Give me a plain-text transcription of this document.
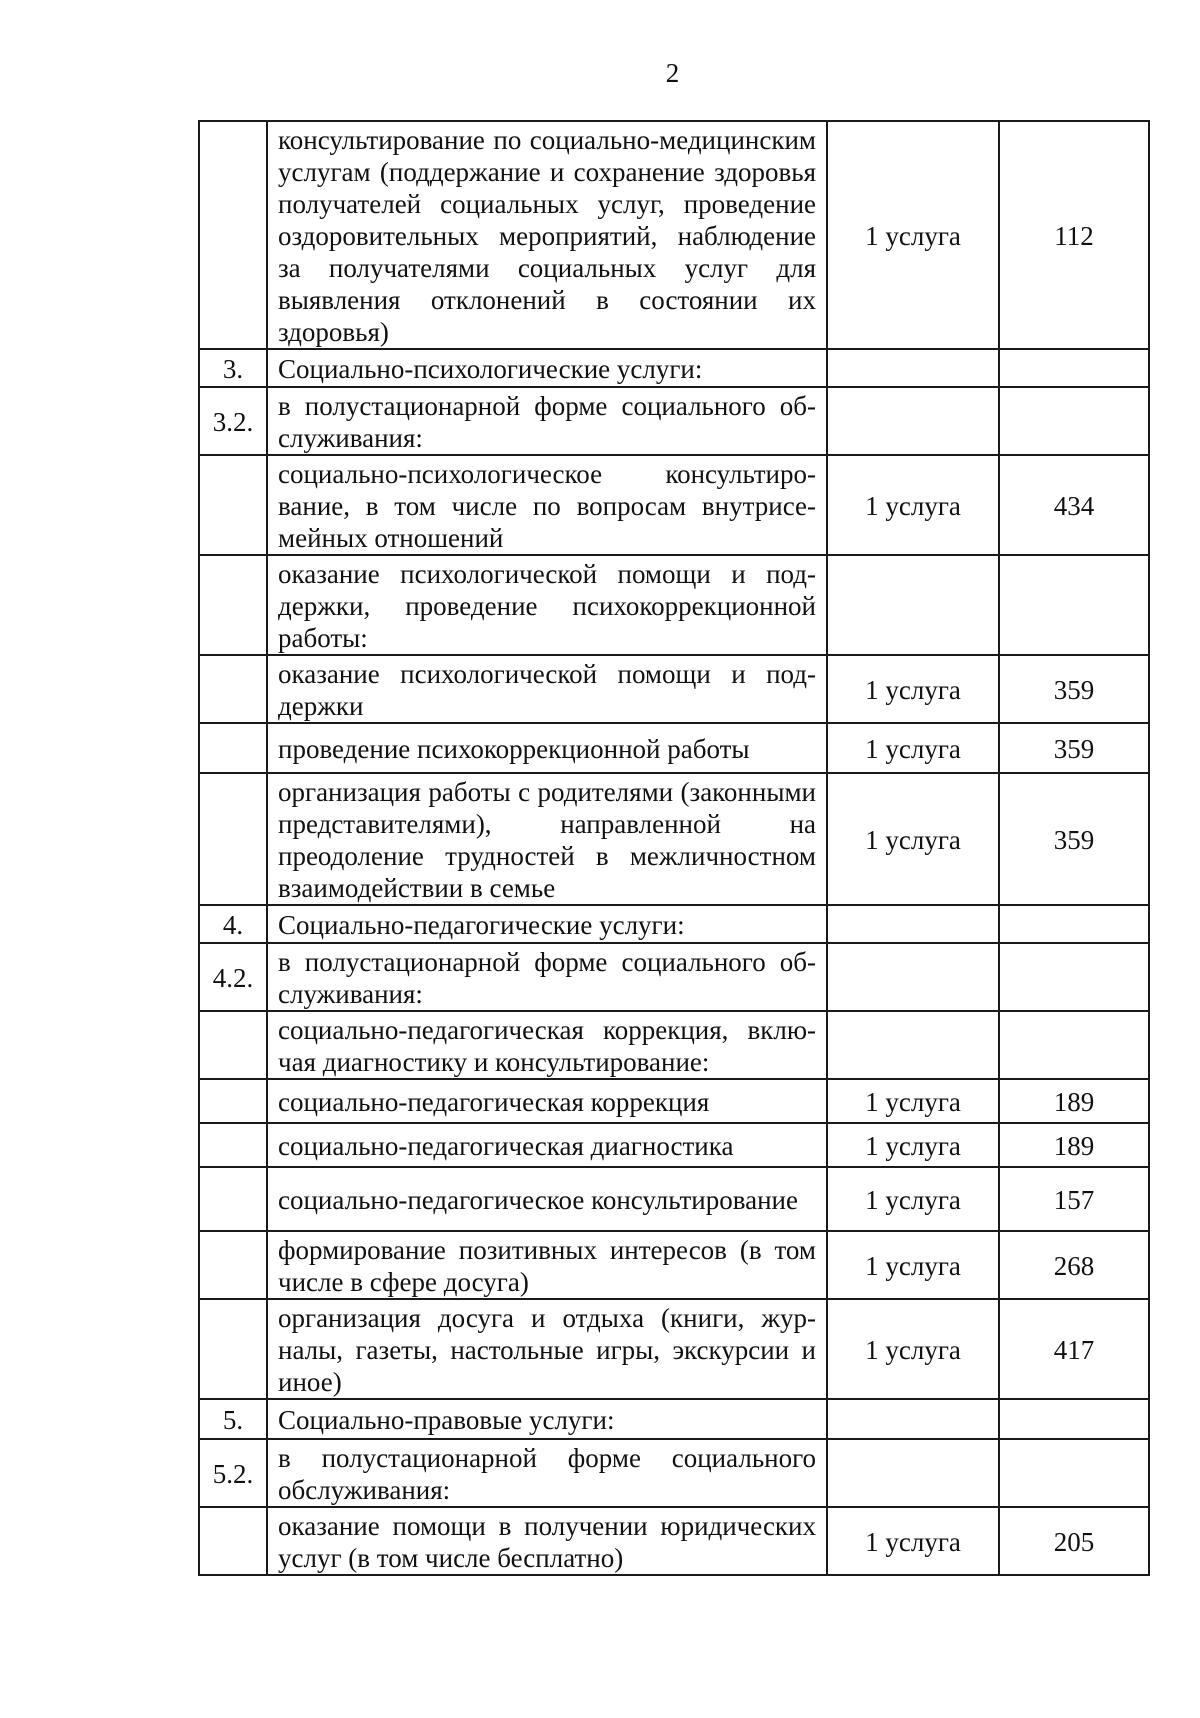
2
	консультирование по социально-медицинским услугам (поддержание и сохранение здоровья получателей социальных услуг, проведение оздоровительных мероприятий, наблюдение за получателями социальных услуг для выявления отклонений в состоянии их здоровья)	1 услуга	112
3.	Социально-психологические услуги:		
3.2.	в полустационарной форме социального обслуживания:		
	социально-психологическое консультирование, в том числе по вопросам внутрисемейных отношений	1 услуга	434
	оказание психологической помощи и поддержки, проведение психокоррекционной работы:		
	оказание психологической помощи и поддержки	1 услуга	359
	проведение психокоррекционной работы	1 услуга	359
	организация работы с родителями (законными представителями), направленной на преодоление трудностей в межличностном взаимодействии в семье	1 услуга	359
4.	Социально-педагогические услуги:		
4.2.	в полустационарной форме социального обслуживания:		
	социально-педагогическая коррекция, включая диагностику и консультирование:		
	социально-педагогическая коррекция	1 услуга	189
	социально-педагогическая диагностика	1 услуга	189
	социально-педагогическое консультирование	1 услуга	157
	формирование позитивных интересов (в том числе в сфере досуга)	1 услуга	268
	организация досуга и отдыха (книги, журналы, газеты, настольные игры, экскурсии и иное)	1 услуга	417
5.	Социально-правовые услуги:		
5.2.	в полустационарной форме социального обслуживания:		
	оказание помощи в получении юридических услуг (в том числе бесплатно)	1 услуга	205
